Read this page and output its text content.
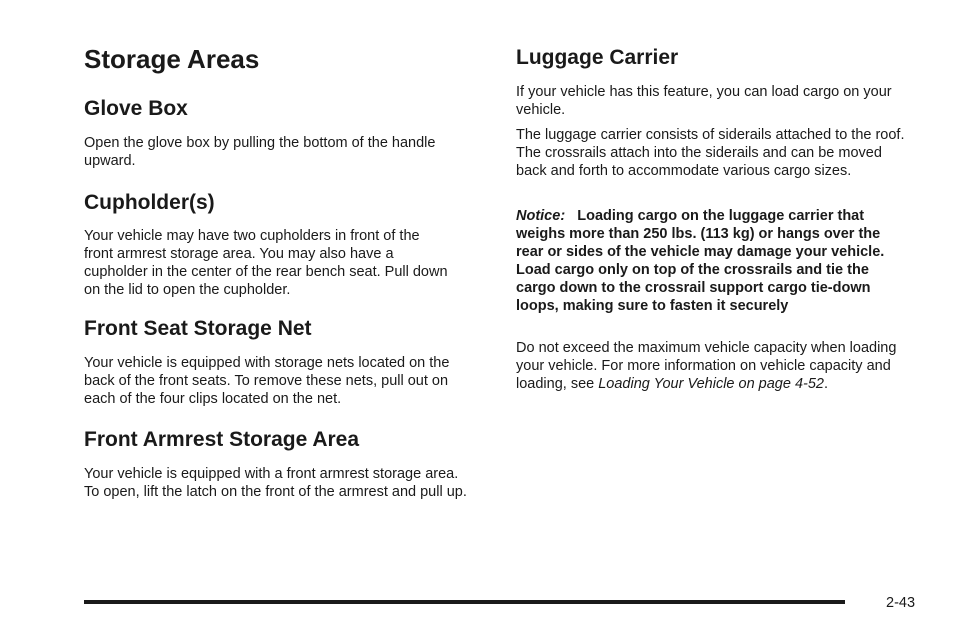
Storage Areas
Glove Box

Open the glove box by pulling the bottom of the handle upward.

Cupholder(s)

Your vehicle may have two cupholders in front of the front armrest storage area. You may also have a cupholder in the center of the rear bench seat. Pull down on the lid to open the cupholder.

Front Seat Storage Net

Your vehicle is equipped with storage nets located on the back of the front seats. To remove these nets, pull out on each of the four clips located on the net.

Front Armrest Storage Area

Your vehicle is equipped with a front armrest storage area. To open, lift the latch on the front of the armrest and pull up.

Luggage Carrier

If your vehicle has this feature, you can load cargo on your vehicle.

The luggage carrier consists of siderails attached to the roof. The crossrails attach into the siderails and can be moved back and forth to accommodate various cargo sizes.

Notice: Loading cargo on the luggage carrier that weighs more than 250 lbs. (113 kg) or hangs over the rear or sides of the vehicle may damage your vehicle. Load cargo only on top of the crossrails and tie the cargo down to the crossrail support cargo tie-down loops, making sure to fasten it securely

Do not exceed the maximum vehicle capacity when loading your vehicle. For more information on vehicle capacity and loading, see Loading Your Vehicle on page 4-52.

2-43
